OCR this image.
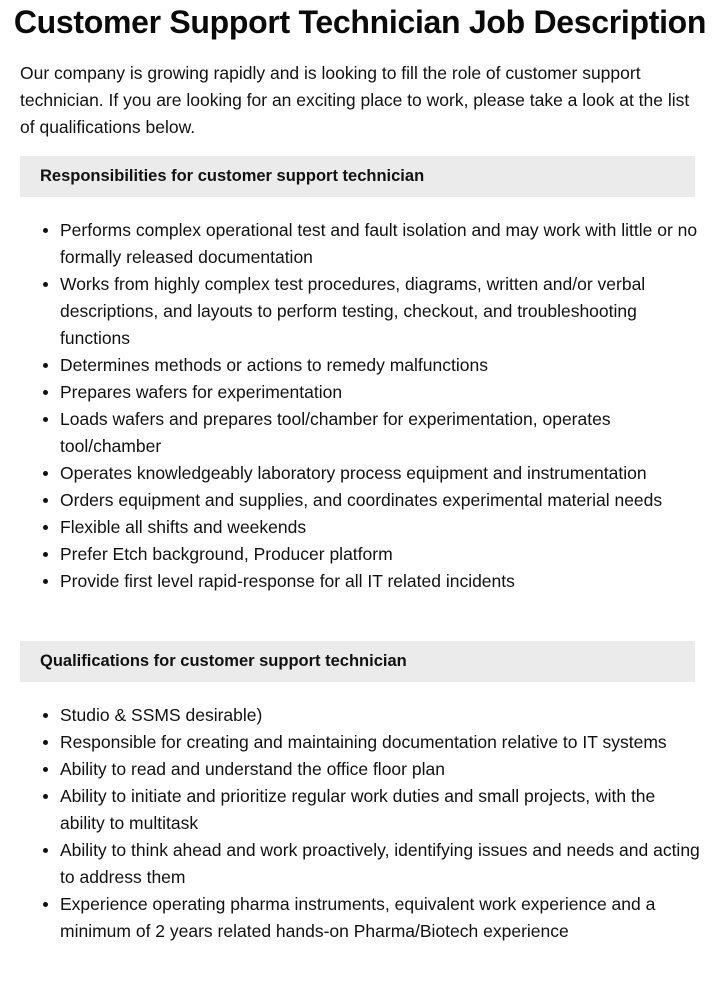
Customer Support Technician Job Description

Our company is growing rapidly and is looking to fill the role of customer support technician. If you are looking for an exciting place to work, please take a look at the list of qualifications below.

Responsibilities for customer support technician
Performs complex operational test and fault isolation and may work with little or no formally released documentation
Works from highly complex test procedures, diagrams, written and/or verbal descriptions, and layouts to perform testing, checkout, and troubleshooting functions
Determines methods or actions to remedy malfunctions
Prepares wafers for experimentation
Loads wafers and prepares tool/chamber for experimentation, operates tool/chamber
Operates knowledgeably laboratory process equipment and instrumentation
Orders equipment and supplies, and coordinates experimental material needs
Flexible all shifts and weekends
Prefer Etch background, Producer platform
Provide first level rapid-response for all IT related incidents
Qualifications for customer support technician
Studio & SSMS desirable)
Responsible for creating and maintaining documentation relative to IT systems
Ability to read and understand the office floor plan
Ability to initiate and prioritize regular work duties and small projects, with the ability to multitask
Ability to think ahead and work proactively, identifying issues and needs and acting to address them
Experience operating pharma instruments, equivalent work experience and a minimum of 2 years related hands-on Pharma/Biotech experience
